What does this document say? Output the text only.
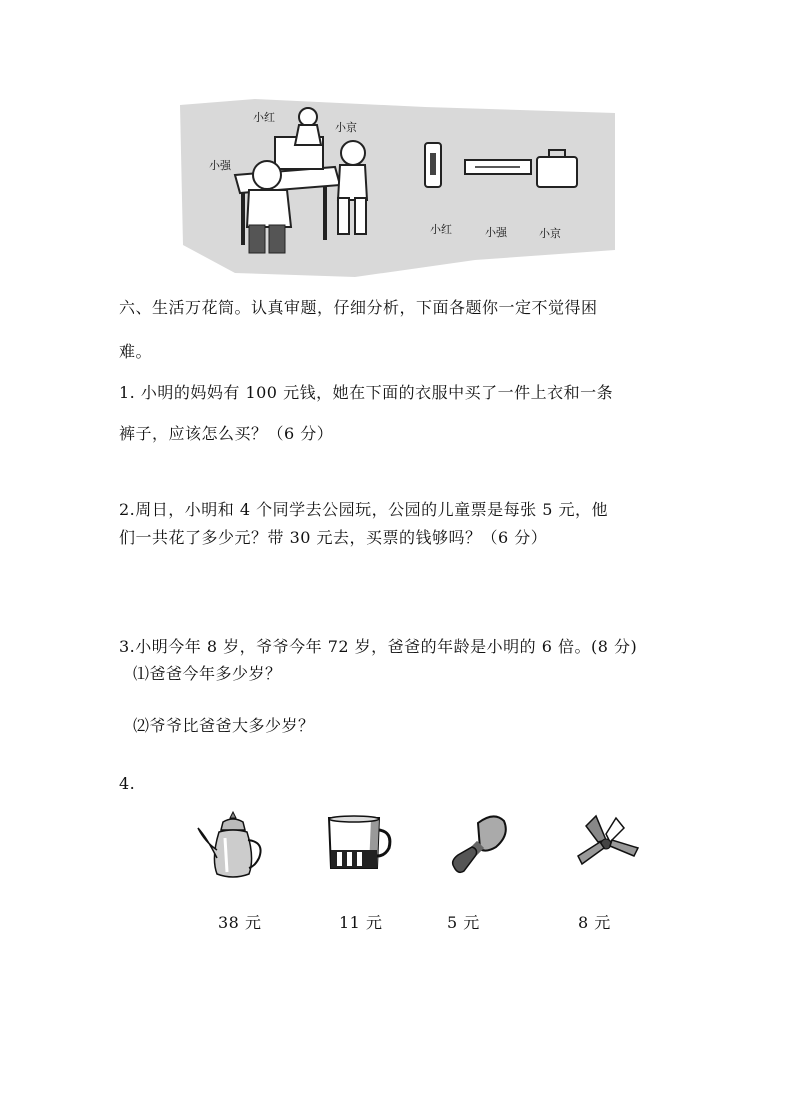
小红
小强
小京
小红	小强	小京
六、生活万花筒。认真审题，仔细分析，下面各题你一定不觉得困
难。
1. 小明的妈妈有 100 元钱，她在下面的衣服中买了一件上衣和一条
裤子，应该怎么买？（6 分）
2.周日，小明和 4 个同学去公园玩，公园的儿童票是每张 5 元，他
们一共花了多少元？带 30 元去，买票的钱够吗？（6 分）
3.小明今年 8 岁，爷爷今年 72 岁，爸爸的年龄是小明的 6 倍。(8 分)
⑴爸爸今年多少岁？
⑵爷爷比爸爸大多少岁？
4.
38 元	11 元	5 元	8 元
